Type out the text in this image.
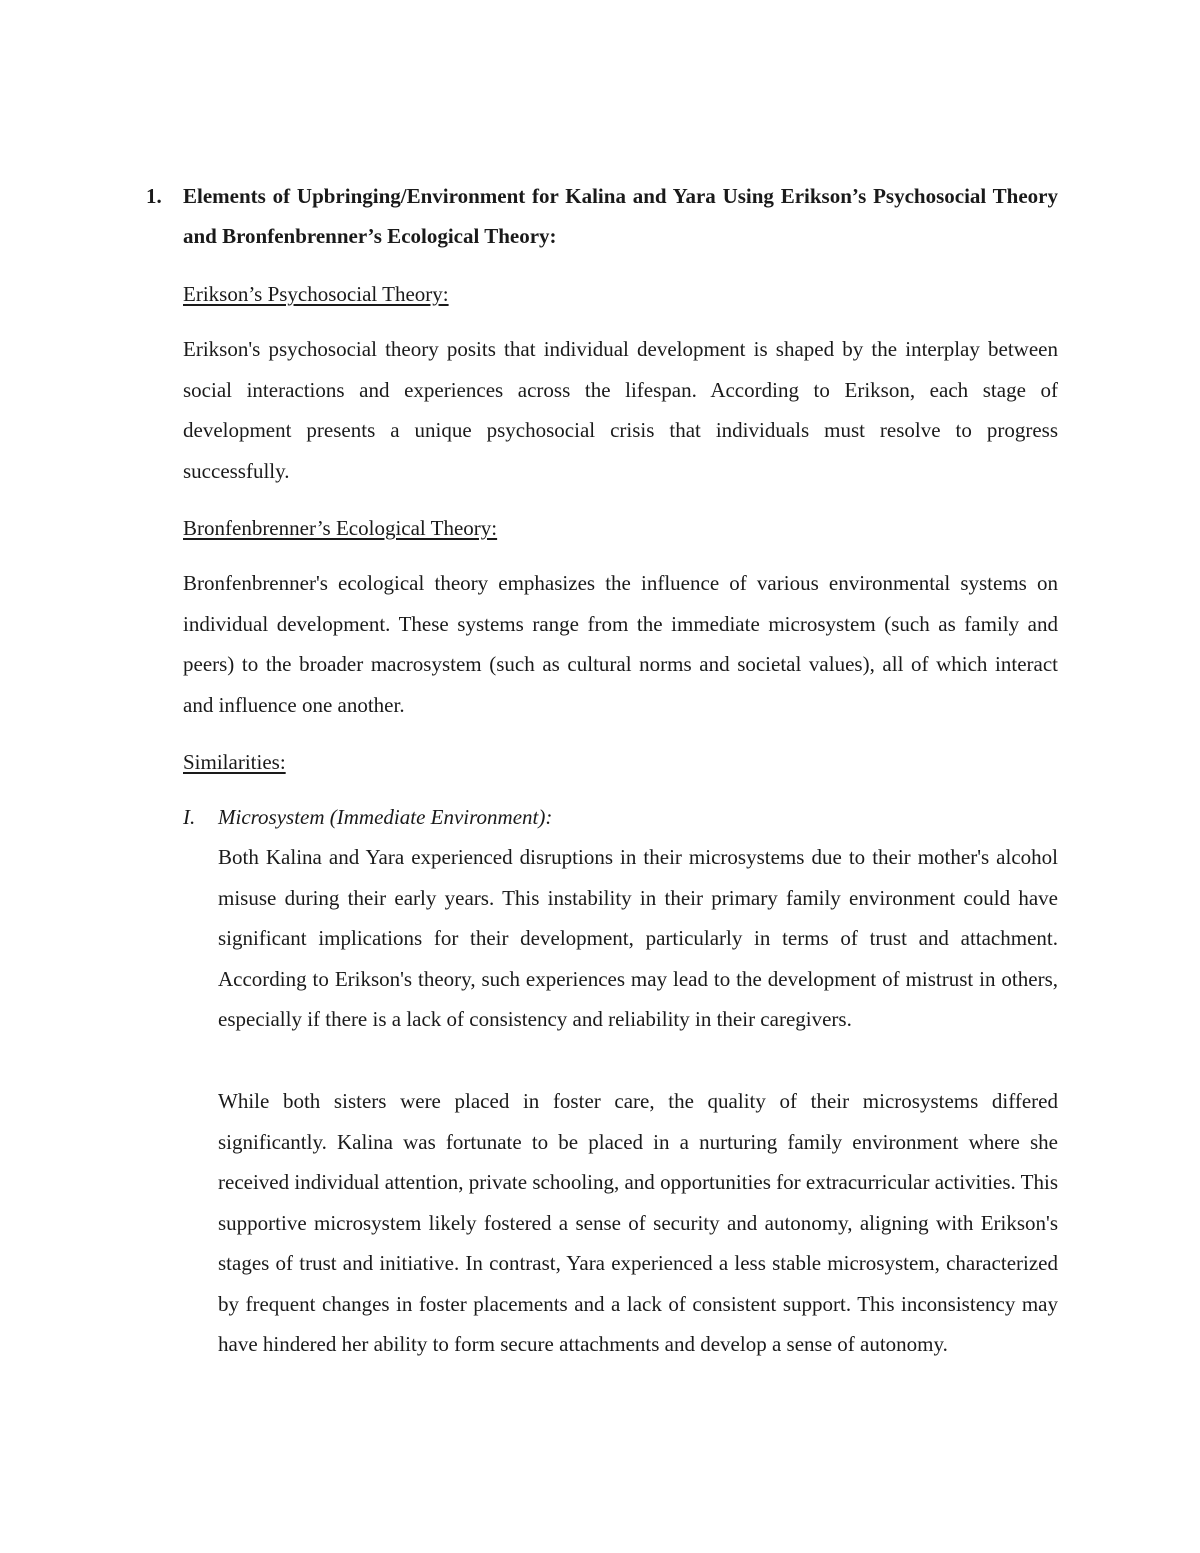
1. Elements of Upbringing/Environment for Kalina and Yara Using Erikson’s Psychosocial Theory and Bronfenbrenner’s Ecological Theory:
Erikson’s Psychosocial Theory:
Erikson's psychosocial theory posits that individual development is shaped by the interplay between social interactions and experiences across the lifespan. According to Erikson, each stage of development presents a unique psychosocial crisis that individuals must resolve to progress successfully.
Bronfenbrenner’s Ecological Theory:
Bronfenbrenner's ecological theory emphasizes the influence of various environmental systems on individual development. These systems range from the immediate microsystem (such as family and peers) to the broader macrosystem (such as cultural norms and societal values), all of which interact and influence one another.
Similarities:
I. Microsystem (Immediate Environment):
Both Kalina and Yara experienced disruptions in their microsystems due to their mother's alcohol misuse during their early years. This instability in their primary family environment could have significant implications for their development, particularly in terms of trust and attachment. According to Erikson's theory, such experiences may lead to the development of mistrust in others, especially if there is a lack of consistency and reliability in their caregivers.
While both sisters were placed in foster care, the quality of their microsystems differed significantly. Kalina was fortunate to be placed in a nurturing family environment where she received individual attention, private schooling, and opportunities for extracurricular activities. This supportive microsystem likely fostered a sense of security and autonomy, aligning with Erikson's stages of trust and initiative. In contrast, Yara experienced a less stable microsystem, characterized by frequent changes in foster placements and a lack of consistent support. This inconsistency may have hindered her ability to form secure attachments and develop a sense of autonomy.
